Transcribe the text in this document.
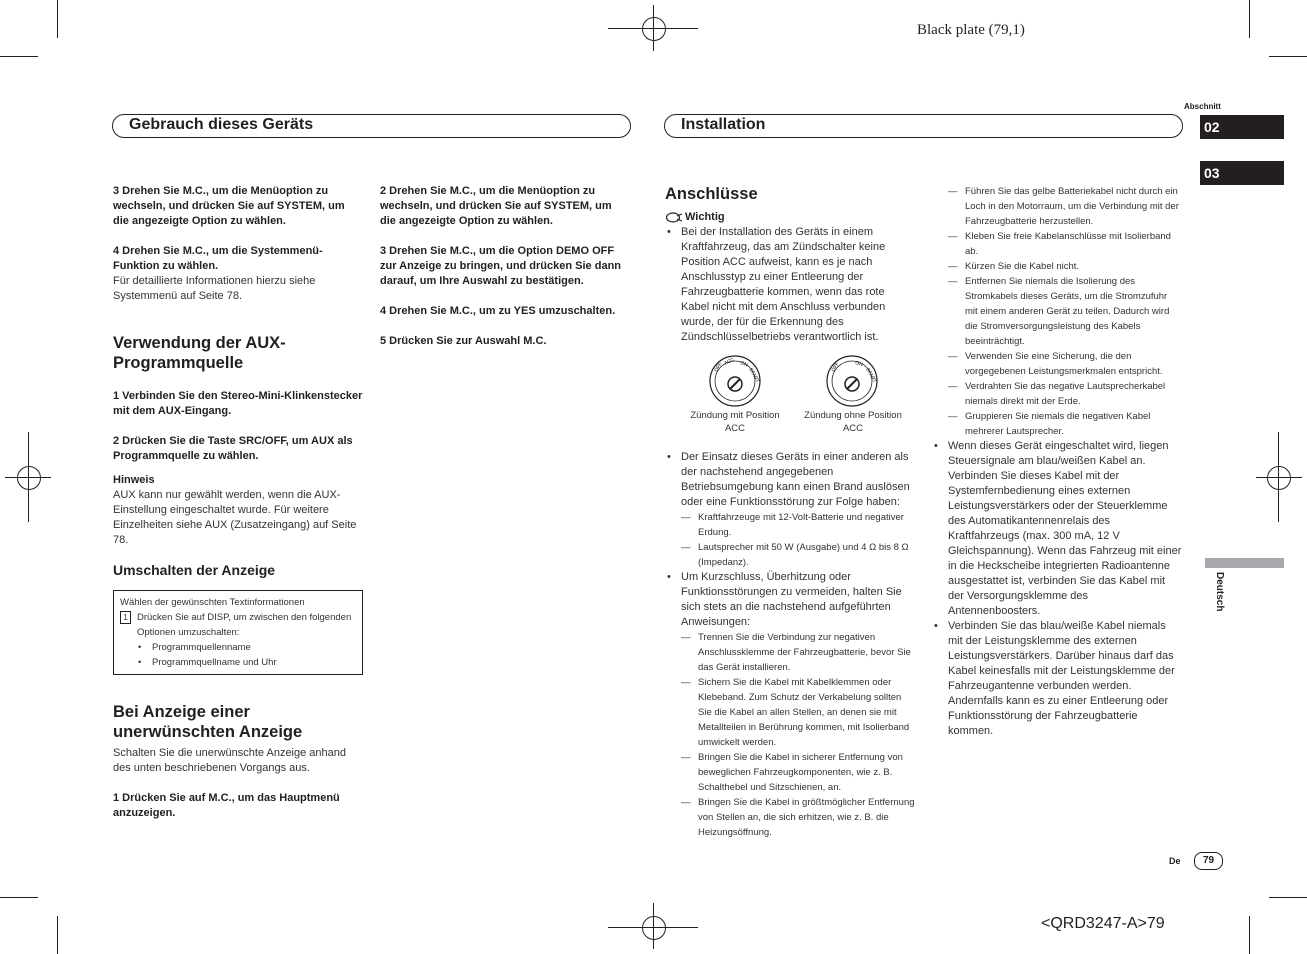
Black plate (79,1)
<QRD3247-A>79
Abschnitt
02
03
Deutsch
De	79
Gebrauch dieses Geräts	Installation

3 Drehen Sie M.C., um die Menüoption zu wechseln, und drücken Sie auf SYSTEM, um die angezeigte Option zu wählen.

4 Drehen Sie M.C., um die Systemmenü-Funktion zu wählen.

Für detaillierte Informationen hierzu siehe Systemmenü auf Seite 78.

Verwendung der AUX-Programmquelle

1 Verbinden Sie den Stereo-Mini-Klinkenstecker mit dem AUX-Eingang.

2 Drücken Sie die Taste SRC/OFF, um AUX als Programmquelle zu wählen.

Hinweis

AUX kann nur gewählt werden, wenn die AUX-Einstellung eingeschaltet wurde. Für weitere Einzelheiten siehe AUX (Zusatzeingang) auf Seite 78.

Umschalten der Anzeige

Wählen der gewünschten Textinformationen
1 Drücken Sie auf DISP, um zwischen den folgenden Optionen umzuschalten:
• Programmquellenname
• Programmquellname und Uhr

Bei Anzeige einer unerwünschten Anzeige

Schalten Sie die unerwünschte Anzeige anhand des unten beschriebenen Vorgangs aus.

1 Drücken Sie auf M.C., um das Hauptmenü anzuzeigen.

2 Drehen Sie M.C., um die Menüoption zu wechseln, und drücken Sie auf SYSTEM, um die angezeigte Option zu wählen.

3 Drehen Sie M.C., um die Option DEMO OFF zur Anzeige zu bringen, und drücken Sie dann darauf, um Ihre Auswahl zu bestätigen.

4 Drehen Sie M.C., um zu YES umzuschalten.

5 Drücken Sie zur Auswahl M.C.

Anschlüsse

Wichtig
• Bei der Installation des Geräts in einem Kraftfahrzeug, das am Zündschalter keine Position ACC aufweist, kann es je nach Anschlusstyp zu einer Entleerung der Fahrzeugbatterie kommen, wenn das rote Kabel nicht mit dem Anschluss verbunden wurde, der für die Erkennung des Zündschlüsselbetriebs verantwortlich ist.
OFF ACC ON
START	OFF	ON
START
Zündung mit Position ACC
Zündung ohne Position ACC
• Der Einsatz dieses Geräts in einer anderen als der nachstehend angegebenen Betriebsumgebung kann einen Brand auslösen oder eine Funktionsstörung zur Folge haben:
— Kraftfahrzeuge mit 12-Volt-Batterie und negativer Erdung.
— Lautsprecher mit 50 W (Ausgabe) und 4 Ω bis 8 Ω (Impedanz).
• Um Kurzschluss, Überhitzung oder Funktionsstörungen zu vermeiden, halten Sie sich stets an die nachstehend aufgeführten Anweisungen:
— Trennen Sie die Verbindung zur negativen Anschlussklemme der Fahrzeugbatterie, bevor Sie das Gerät installieren.
— Sichern Sie die Kabel mit Kabelklemmen oder Klebeband. Zum Schutz der Verkabelung sollten Sie die Kabel an allen Stellen, an denen sie mit Metallteilen in Berührung kommen, mit Isolierband umwickelt werden.
— Bringen Sie die Kabel in sicherer Entfernung von beweglichen Fahrzeugkomponenten, wie z. B. Schalthebel und Sitzschienen, an.
— Bringen Sie die Kabel in größtmöglicher Entfernung von Stellen an, die sich erhitzen, wie z. B. die Heizungsöffnung.
— Führen Sie das gelbe Batteriekabel nicht durch ein Loch in den Motorraum, um die Verbindung mit der Fahrzeugbatterie herzustellen.
— Kleben Sie freie Kabelanschlüsse mit Isolierband ab.
— Kürzen Sie die Kabel nicht.
— Entfernen Sie niemals die Isolierung des Stromkabels dieses Geräts, um die Stromzufuhr mit einem anderen Gerät zu teilen. Dadurch wird die Stromversorgungsleistung des Kabels beeinträchtigt.
— Verwenden Sie eine Sicherung, die den vorgegebenen Leistungsmerkmalen entspricht.
— Verdrahten Sie das negative Lautsprecherkabel niemals direkt mit der Erde.
— Gruppieren Sie niemals die negativen Kabel mehrerer Lautsprecher.
• Wenn dieses Gerät eingeschaltet wird, liegen Steuersignale am blau/weißen Kabel an. Verbinden Sie dieses Kabel mit der Systemfernbedienung eines externen Leistungsverstärkers oder der Steuerklemme des Automatikantennenrelais des Kraftfahrzeugs (max. 300 mA, 12 V Gleichspannung). Wenn das Fahrzeug mit einer in die Heckscheibe integrierten Radioantenne ausgestattet ist, verbinden Sie das Kabel mit der Versorgungsklemme des Antennenboosters.
• Verbinden Sie das blau/weiße Kabel niemals mit der Leistungsklemme des externen Leistungsverstärkers. Darüber hinaus darf das Kabel keinesfalls mit der Leistungsklemme der Fahrzeugantenne verbunden werden. Andernfalls kann es zu einer Entleerung oder Funktionsstörung der Fahrzeugbatterie kommen.
